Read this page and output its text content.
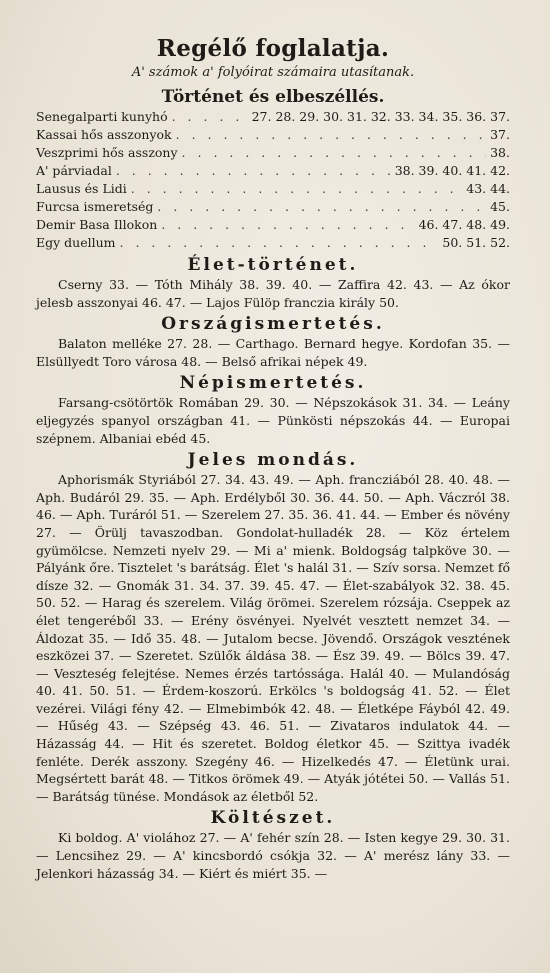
Regélő foglalatja.

A' számok a' folyóirat számaira utasítanak.

Történet és elbeszéllés.
Senegalparti kunyhó . . .	27. 28. 29. 30. 31. 32. 33. 34. 35. 36. 37.
Kassai hős asszonyok . . .	37.
Veszprimi hős asszony . . .	38.
A' párviadal . . .	38. 39. 40. 41. 42.
Lausus és Lidi . . .	43. 44.
Furcsa ismeretség . . .	45.
Demir Basa Illokon . . .	46. 47. 48. 49.
Egy duellum . . .	50. 51. 52.
Élet-történet.

Cserny 33. — Tóth Mihály 38. 39. 40. — Zaffira 42. 43. — Az ókor jelesb asszonyai 46. 47. — Lajos Fülöp franczia király 50.

Országismertetés.

Balaton melléke 27. 28. — Carthago. Bernard hegye. Kordofan 35. — Elsüllyedt Toro városa 48. — Belső afrikai népek 49.

Népismertetés.

Farsang-csötörtök Romában 29. 30. — Népszokások 31. 34. — Leány eljegyzés spanyol országban 41. — Pünkösti népszokás 44. — Europai szépnem. Albaniai ebéd 45.

Jeles mondás.

Aphorismák Styriából 27. 34. 43. 49. — Aph. francziából 28. 40. 48. — Aph. Budáról 29. 35. — Aph. Erdélyből 30. 36. 44. 50. — Aph. Váczról 38. 46. — Aph. Turáról 51. — Szerelem 27. 35. 36. 41. 44. — Ember és növény 27. — Örülj tavaszodban. Gondolat-hulladék 28. — Köz értelem gyümölcse. Nemzeti nyelv 29. — Mi a' mienk. Boldogság talpköve 30. — Pályánk őre. Tisztelet 's barátság. Élet 's halál 31. — Szív sorsa. Nemzet fő dísze 32. — Gnomák 31. 34. 37. 39. 45. 47. — Élet-szabályok 32. 38. 45. 50. 52. — Harag és szerelem. Világ örömei. Szerelem rózsája. Cseppek az élet tengeréből 33. — Erény ösvényei. Nyelvét vesztett nemzet 34. — Áldozat 35. — Idő 35. 48. — Jutalom becse. Jövendő. Országok vesztének eszközei 37. — Szeretet. Szülők áldása 38. — Ész 39. 49. — Bölcs 39. 47. — Veszteség felejtése. Nemes érzés tartóssága. Halál 40. — Mulandóság 40. 41. 50. 51. — Érdem-koszorú. Erkölcs 's boldogság 41. 52. — Élet vezérei. Világi fény 42. — Elmebimbók 42. 48. — Életképe Fáyból 42. 49. — Hűség 43. — Szépség 43. 46. 51. — Zivataros indulatok 44. — Házasság 44. — Hit és szeretet. Boldog életkor 45. — Szittya ivadék fenléte. Derék asszony. Szegény 46. — Hizelkedés 47. — Életünk urai. Megsértett barát 48. — Titkos örömek 49. — Atyák jótétei 50. — Vallás 51. — Barátság tünése. Mondások az életből 52.

Költészet.

Ki boldog. A' violához 27. — A' fehér szín 28. — Isten kegye 29. 30. 31. — Lencsihez 29. — A' kincsbordó csókja 32. — A' merész lány 33. — Jelenkori házasság 34. — Kiért és miért 35. —
